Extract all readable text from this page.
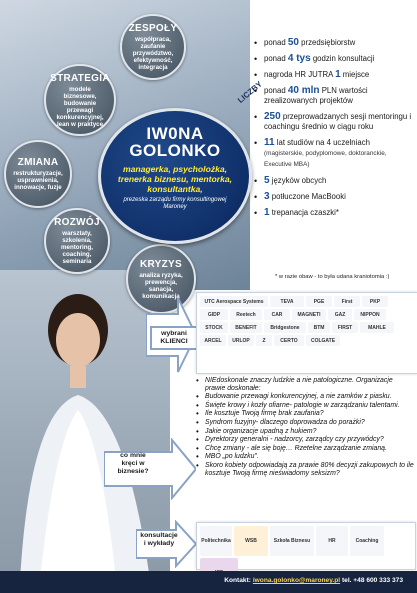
ZESPOŁY
współpraca, zaufanie przywództwo, efektywność, integracja
STRATEGIA
modele biznesowe, budowanie przewagi konkurencyjnej, lean w praktyce
ZMIANA
restrukturyzacje, usprawnienia, innowacje, fuzje
ROZWÓJ
warsztaty, szkolenia, mentoring, coaching, seminaria	KRYZYS
analiza ryzyka, prewencja, sanacja, komunikacja
IW0NA
GOLONKO
managerka, psycholożka, trenerka biznesu, mentorka, konsultantka,
prezeska zarządu firmy konsultingowej Maroney
LICZBY
• ponad 50 przedsiębiorstw
• ponad 4 tys godzin konsultacji
• nagroda HR JUTRA 1 miejsce
• ponad 40 mln PLN wartości zrealizowanych projektów
• 250 przeprowadzanych sesji mentoringu i coachingu średnio w ciągu roku
• 11 lat studiów na 4 uczelniach
(magisterskie, podyplomowe, doktoranckie, Executive MBA)
• 5 języków obcych
• 3 potłuczone MacBooki
• 1 trepanacja czaszki*
* w razie obaw - to była udana kraniotomia :)
wybrani KLIENCI
UTC Aerospace Systems	TEVA	PGE	First	PKP
GIDP	Reetech	CAR	MAGNETI	GAZ	NIPPON
STOCK	BENEFIT	Bridgestone	BTM	FIRST	MAHLE
ARCEL	URLOP	Z	CERTO	COLGATE
co mnie kręci w biznesie?
• NIEdoskonale znaczy ludzkie a nie patologiczne. Organizacje prawie doskonałe:
• Budowanie przewagi konkurencyjnej, a nie zamków z piasku.
• Święte krowy i kozły ofiarne- patologie w zarządzaniu talentami.
• Ile kosztuje Twoją firmę brak zaufania?
• Syndrom fuzyjny- dlaczego doprowadza do porażki?
• Jakie organizacje upadną z hukiem?
• Dyrektorzy generalni - nadzorcy, zarządcy czy przywódcy?
• Chcę zmiany - ale się boję… Rzetelne zarządzanie zmianą.
• MBO „po ludzku".
• Skoro kobiety odpowiadają za prawie 80% decyzji zakupowych to ile kosztuje Twoją firmę nieświadomy seksizm?
konsultacje i wykłady	Politechnika	WSB	Szkoła Biznesu	HR	Coaching
Kontakt: iwona.golonko@maroney.pl tel. +48 600 333 373
